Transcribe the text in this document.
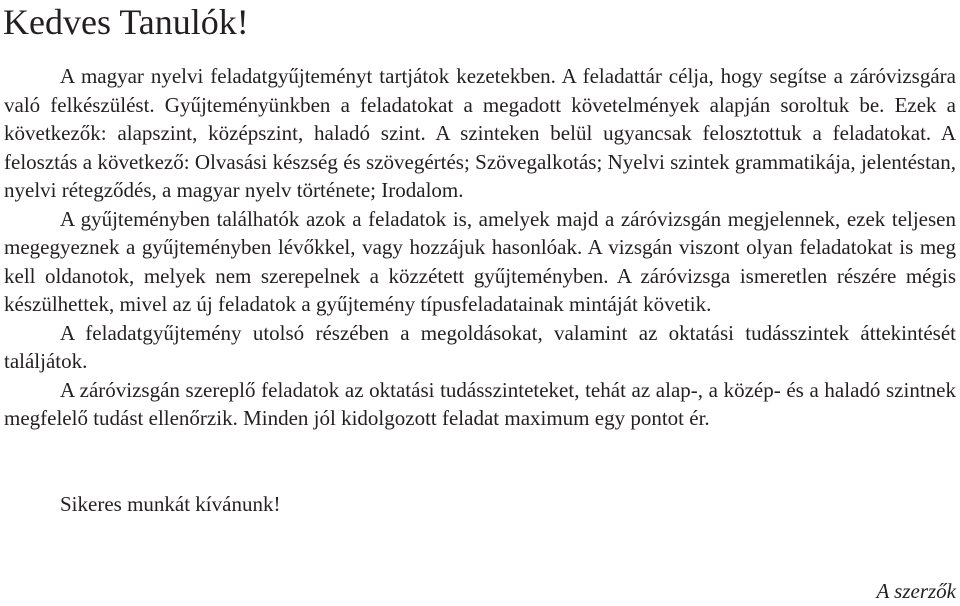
Kedves Tanulók!

A magyar nyelvi feladatgyűjteményt tartjátok kezetekben. A feladattár célja, hogy segítse a záróvizsgára való felkészülést. Gyűjteményünkben a feladatokat a megadott követelmények alapján soroltuk be. Ezek a következők: alapszint, középszint, haladó szint. A szinteken belül ugyancsak felosztottuk a feladatokat. A felosztás a következő: Olvasási készség és szövegértés; Szövegalkotás; Nyelvi szintek grammatikája, jelentéstan, nyelvi rétegződés, a magyar nyelv története; Irodalom.

A gyűjteményben találhatók azok a feladatok is, amelyek majd a záróvizsgán megjelennek, ezek teljesen megegyeznek a gyűjteményben lévőkkel, vagy hozzájuk hasonlóak. A vizsgán viszont olyan feladatokat is meg kell oldanotok, melyek nem szerepelnek a közzétett gyűjteményben. A záróvizsga ismeretlen részére mégis készülhettek, mivel az új feladatok a gyűjtemény típusfeladatainak mintáját követik.

A feladatgyűjtemény utolsó részében a megoldásokat, valamint az oktatási tudásszintek áttekintését találjátok.

A záróvizsgán szereplő feladatok az oktatási tudásszinteteket, tehát az alap-, a közép- és a haladó szintnek megfelelő tudást ellenőrzik. Minden jól kidolgozott feladat maximum egy pontot ér.

Sikeres munkát kívánunk!

A szerzők
